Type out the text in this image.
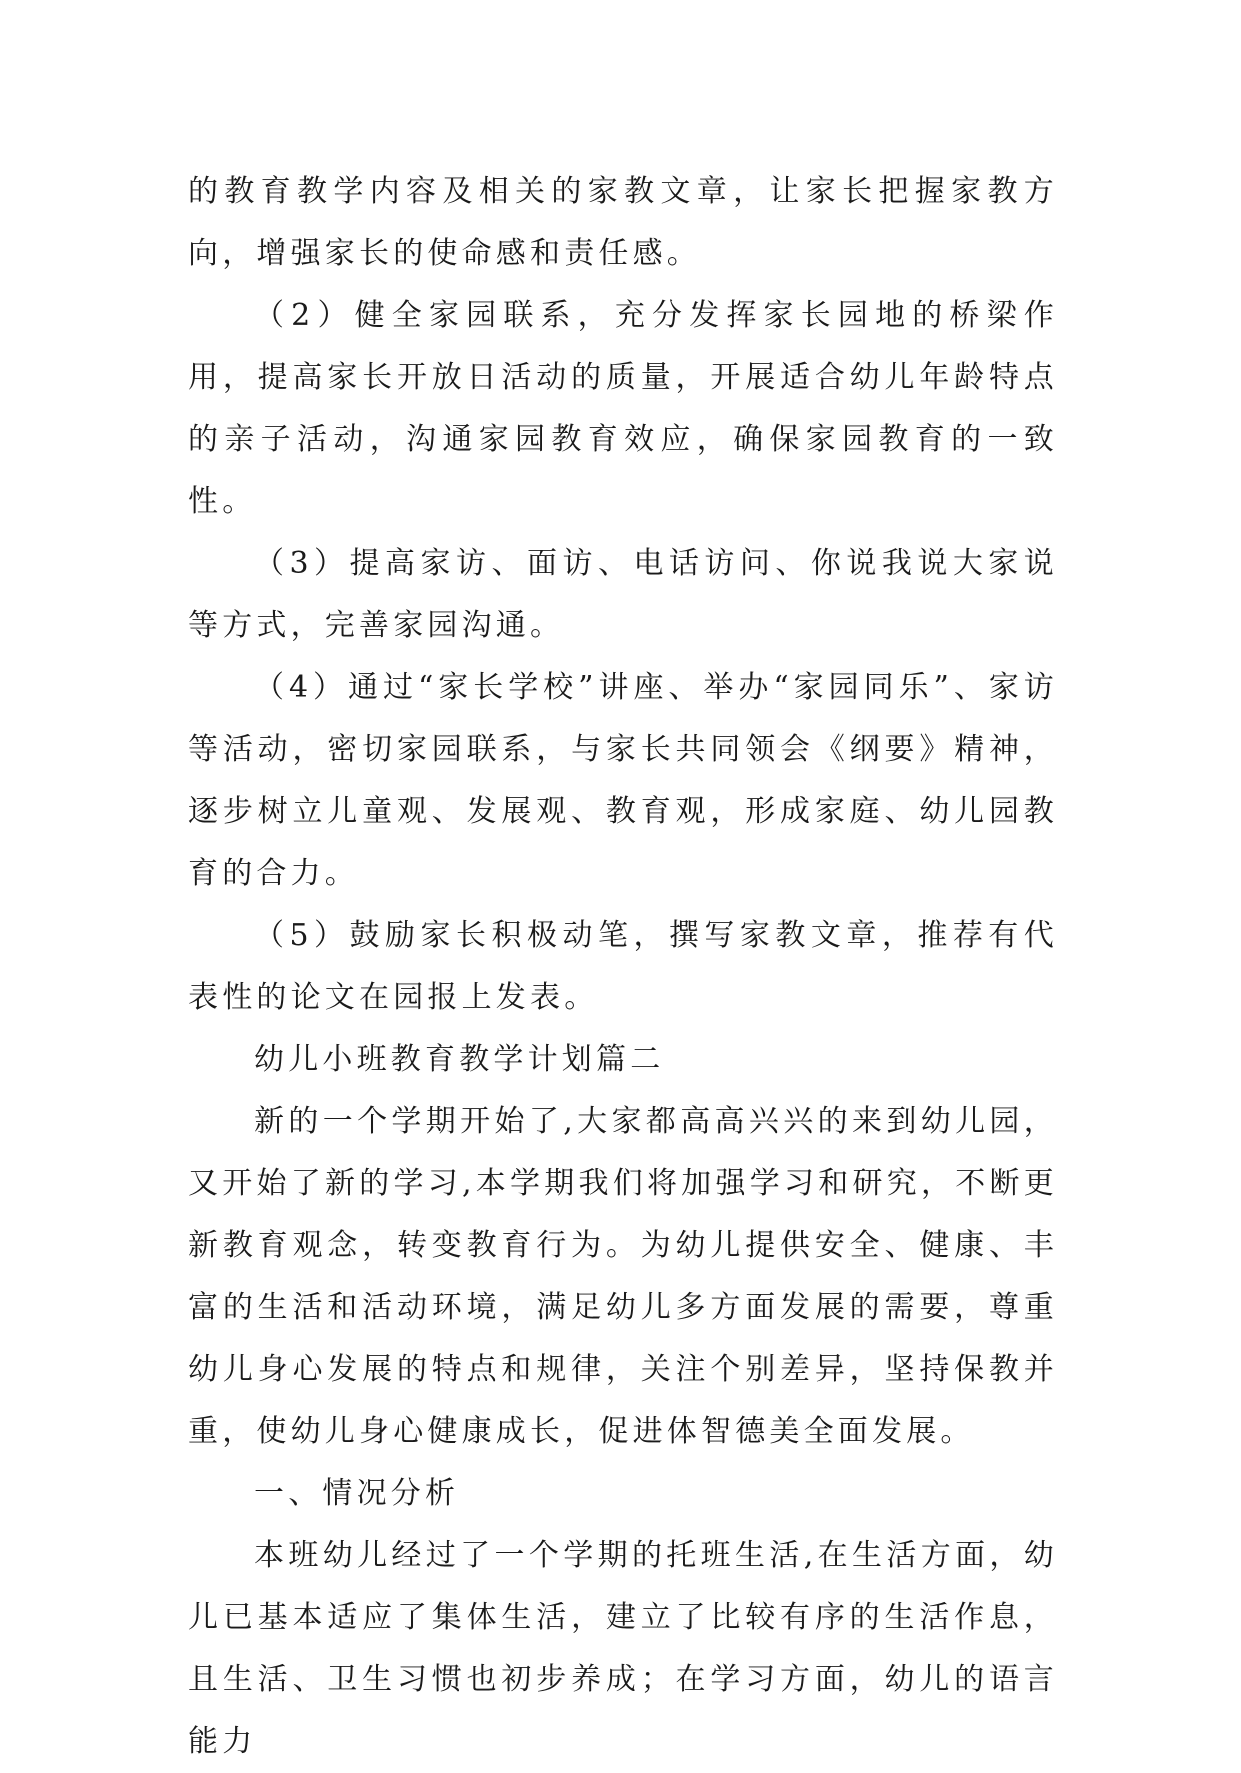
的教育教学内容及相关的家教文章，让家长把握家教方向，增强家长的使命感和责任感。

（2）健全家园联系，充分发挥家长园地的桥梁作用，提高家长开放日活动的质量，开展适合幼儿年龄特点的亲子活动，沟通家园教育效应，确保家园教育的一致性。

（3）提高家访、面访、电话访问、你说我说大家说等方式，完善家园沟通。

（4）通过“家长学校”讲座、举办“家园同乐”、家访等活动，密切家园联系，与家长共同领会《纲要》精神，逐步树立儿童观、发展观、教育观，形成家庭、幼儿园教育的合力。

（5）鼓励家长积极动笔，撰写家教文章，推荐有代表性的论文在园报上发表。

幼儿小班教育教学计划篇二

新的一个学期开始了,大家都高高兴兴的来到幼儿园，又开始了新的学习,本学期我们将加强学习和研究，不断更新教育观念，转变教育行为。为幼儿提供安全、健康、丰富的生活和活动环境，满足幼儿多方面发展的需要，尊重幼儿身心发展的特点和规律，关注个别差异，坚持保教并重，使幼儿身心健康成长，促进体智德美全面发展。

一、情况分析

本班幼儿经过了一个学期的托班生活,在生活方面，幼儿已基本适应了集体生活，建立了比较有序的生活作息，且生活、卫生习惯也初步养成；在学习方面，幼儿的语言能力
